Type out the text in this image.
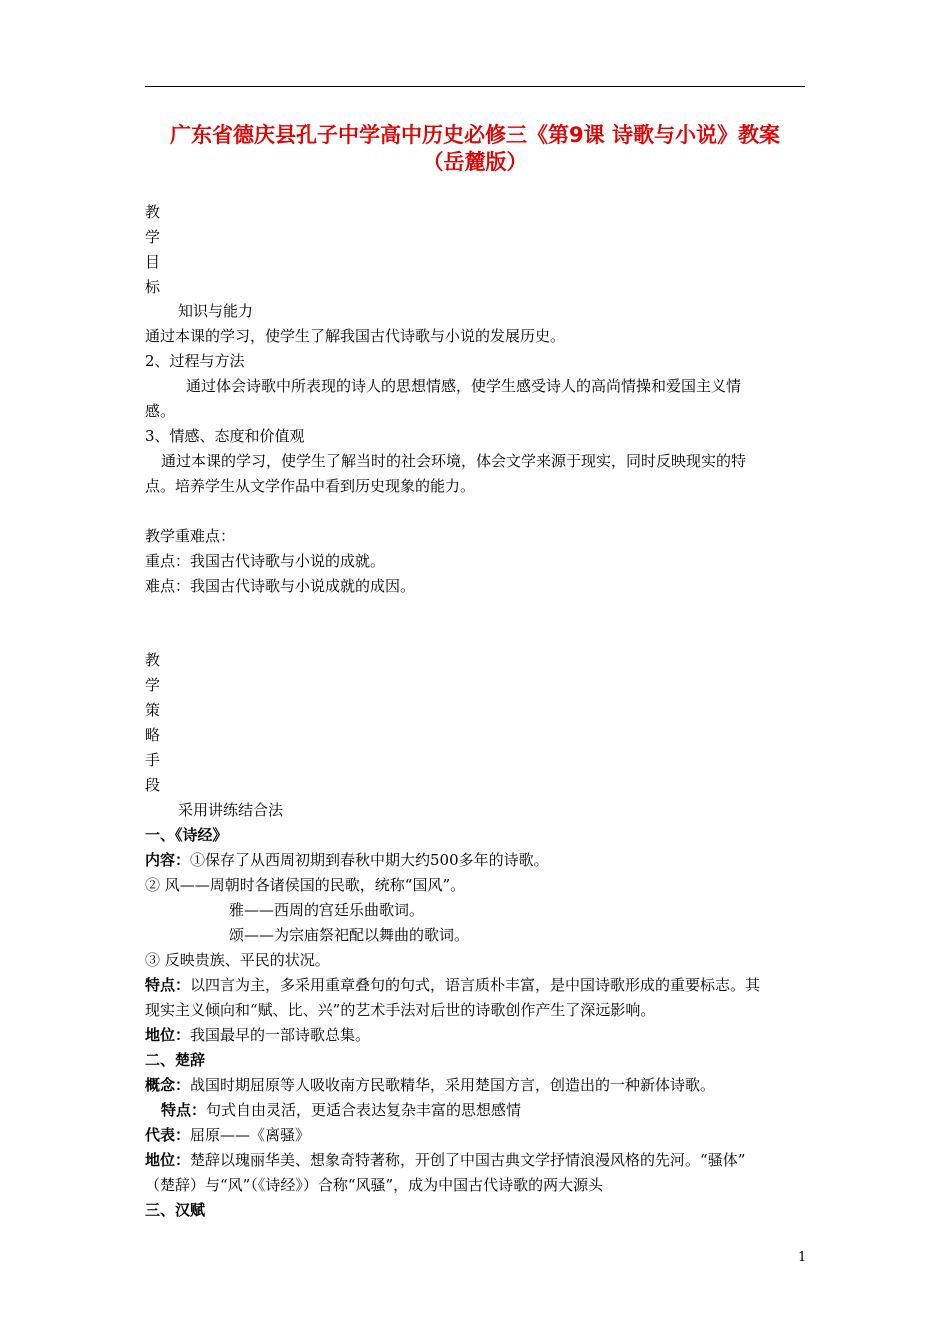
广东省德庆县孔子中学高中历史必修三《第9课 诗歌与小说》教案
（岳麓版）
教
学
目
标
知识与能力
通过本课的学习，使学生了解我国古代诗歌与小说的发展历史。
2、过程与方法
通过体会诗歌中所表现的诗人的思想情感，使学生感受诗人的高尚情操和爱国主义情
感。
3、情感、态度和价值观
通过本课的学习，使学生了解当时的社会环境，体会文学来源于现实，同时反映现实的特
点。培养学生从文学作品中看到历史现象的能力。
教学重难点：
重点：我国古代诗歌与小说的成就。
难点：我国古代诗歌与小说成就的成因。
教
学
策
略
手
段
采用讲练结合法
一、《诗经》
内容：①保存了从西周初期到春秋中期大约500多年的诗歌。
② 风——周朝时各诸侯国的民歌，统称“国风”。
雅——西周的宫廷乐曲歌词。
颂——为宗庙祭祀配以舞曲的歌词。
③ 反映贵族、平民的状况。
特点：以四言为主，多采用重章叠句的句式，语言质朴丰富，是中国诗歌形成的重要标志。其
现实主义倾向和“赋、比、兴”的艺术手法对后世的诗歌创作产生了深远影响。
地位：我国最早的一部诗歌总集。
二、楚辞
概念：战国时期屈原等人吸收南方民歌精华，采用楚国方言，创造出的一种新体诗歌。
特点：句式自由灵活，更适合表达复杂丰富的思想感情
代表：屈原——《离骚》
地位：楚辞以瑰丽华美、想象奇特著称，开创了中国古典文学抒情浪漫风格的先河。“骚体”
（楚辞）与“风”（《诗经》）合称“风骚”，成为中国古代诗歌的两大源头
三、汉赋
1
